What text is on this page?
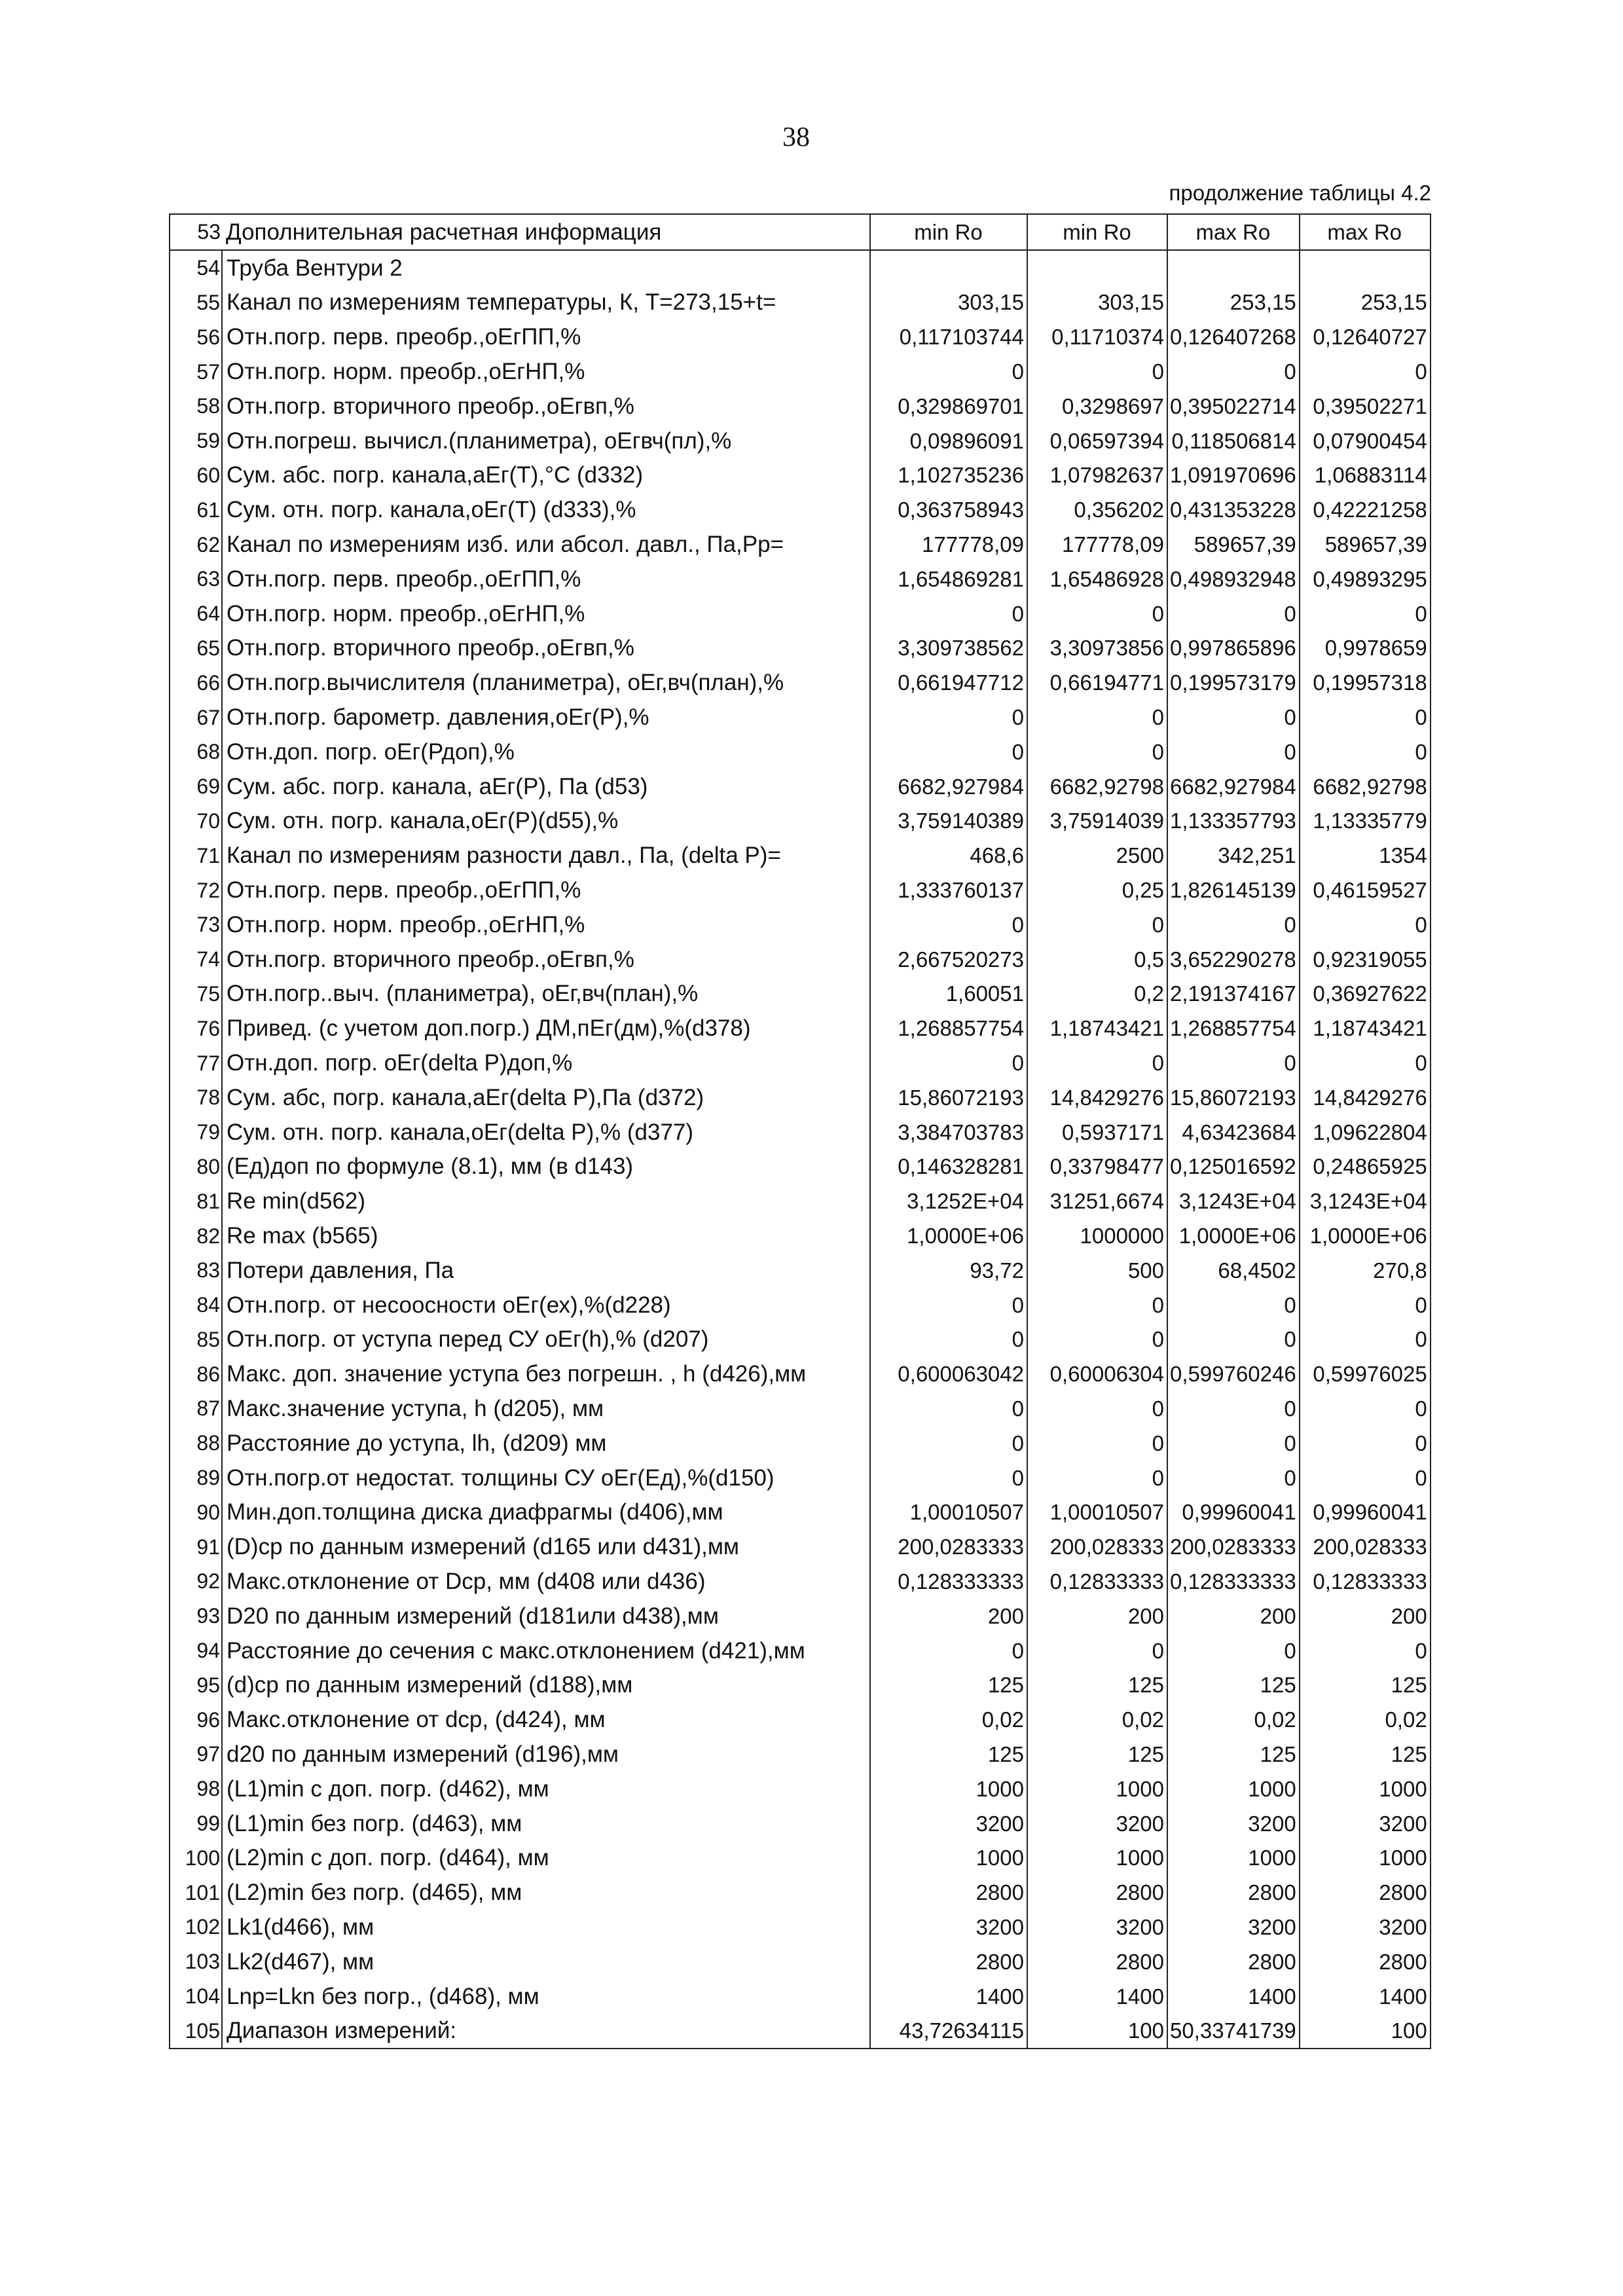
38
продолжение таблицы 4.2
53	Дополнительная расчетная информация	min Ro	min Ro	max Ro	max Ro
54	Труба Вентури 2				
55	Канал по измерениям температуры, К, Т=273,15+t=	303,15	303,15	253,15	253,15
56	Отн.погр. перв. преобр.,оЕгПП,%	0,117103744	0,11710374	0,126407268	0,12640727
57	Отн.погр. норм. преобр.,оЕгНП,%	0	0	0	0
58	Отн.погр. вторичного преобр.,оЕгвп,%	0,329869701	0,3298697	0,395022714	0,39502271
59	Отн.погреш. вычисл.(планиметра), оЕгвч(пл),%	0,09896091	0,06597394	0,118506814	0,07900454
60	Сум. абс. погр. канала,аЕг(Т),°С (d332)	1,102735236	1,07982637	1,091970696	1,06883114
61	Сум. отн. погр. канала,оЕг(Т) (d333),%	0,363758943	0,356202	0,431353228	0,42221258
62	Канал по измерениям изб. или абсол. давл., Па,Рр=	177778,09	177778,09	589657,39	589657,39
63	Отн.погр. перв. преобр.,оЕгПП,%	1,654869281	1,65486928	0,498932948	0,49893295
64	Отн.погр. норм. преобр.,оЕгНП,%	0	0	0	0
65	Отн.погр. вторичного преобр.,оЕгвп,%	3,309738562	3,30973856	0,997865896	0,9978659
66	Отн.погр.вычислителя (планиметра), оЕг,вч(план),%	0,661947712	0,66194771	0,199573179	0,19957318
67	Отн.погр. барометр. давления,оЕг(Р),%	0	0	0	0
68	Отн.доп. погр. оЕг(Рдоп),%	0	0	0	0
69	Сум. абс. погр. канала, аЕг(Р), Па (d53)	6682,927984	6682,92798	6682,927984	6682,92798
70	Сум. отн. погр. канала,оЕг(Р)(d55),%	3,759140389	3,75914039	1,133357793	1,13335779
71	Канал по измерениям разности давл., Па, (delta P)=	468,6	2500	342,251	1354
72	Отн.погр. перв. преобр.,оЕгПП,%	1,333760137	0,25	1,826145139	0,46159527
73	Отн.погр. норм. преобр.,оЕгНП,%	0	0	0	0
74	Отн.погр. вторичного преобр.,оЕгвп,%	2,667520273	0,5	3,652290278	0,92319055
75	Отн.погр..выч. (планиметра), оЕг,вч(план),%	1,60051	0,2	2,191374167	0,36927622
76	Привед. (с учетом доп.погр.) ДМ,пЕг(дм),%(d378)	1,268857754	1,18743421	1,268857754	1,18743421
77	Отн.доп. погр. оЕг(delta Р)доп,%	0	0	0	0
78	Сум. абс, погр. канала,аЕг(delta Р),Па (d372)	15,86072193	14,8429276	15,86072193	14,8429276
79	Сум. отн. погр. канала,оЕг(delta Р),% (d377)	3,384703783	0,5937171	4,63423684	1,09622804
80	(Ед)доп по формуле (8.1), мм (в d143)	0,146328281	0,33798477	0,125016592	0,24865925
81	Re min(d562)	3,1252E+04	31251,6674	3,1243E+04	3,1243E+04
82	Re max (b565)	1,0000E+06	1000000	1,0000E+06	1,0000E+06
83	Потери давления, Па	93,72	500	68,4502	270,8
84	Отн.погр. от несоосности оЕг(ех),%(d228)	0	0	0	0
85	Отн.погр. от уступа перед СУ оЕг(h),% (d207)	0	0	0	0
86	Макс. доп. значение уступа без погрешн. , h (d426),мм	0,600063042	0,60006304	0,599760246	0,59976025
87	Макс.значение уступа, h (d205), мм	0	0	0	0
88	Расстояние до уступа, lh, (d209) мм	0	0	0	0
89	Отн.погр.от недостат. толщины СУ оЕг(Ед),%(d150)	0	0	0	0
90	Мин.доп.толщина диска диафрагмы (d406),мм	1,00010507	1,00010507	0,99960041	0,99960041
91	(D)ср по данным измерений (d165 или d431),мм	200,0283333	200,028333	200,0283333	200,028333
92	Макс.отклонение от Dср, мм (d408 или d436)	0,128333333	0,12833333	0,128333333	0,12833333
93	D20 по данным измерений (d181или d438),мм	200	200	200	200
94	Расстояние до сечения с макс.отклонением (d421),мм	0	0	0	0
95	(d)ср по данным измерений (d188),мм	125	125	125	125
96	Макс.отклонение от dср, (d424), мм	0,02	0,02	0,02	0,02
97	d20 по данным измерений (d196),мм	125	125	125	125
98	(L1)min с доп. погр. (d462), мм	1000	1000	1000	1000
99	(L1)min без погр. (d463), мм	3200	3200	3200	3200
100	(L2)min с доп. погр. (d464), мм	1000	1000	1000	1000
101	(L2)min без погр. (d465), мм	2800	2800	2800	2800
102	Lk1(d466), мм	3200	3200	3200	3200
103	Lk2(d467), мм	2800	2800	2800	2800
104	Lnp=Lkn без погр., (d468), мм	1400	1400	1400	1400
105	Диапазон измерений:	43,72634115	100	50,33741739	100
